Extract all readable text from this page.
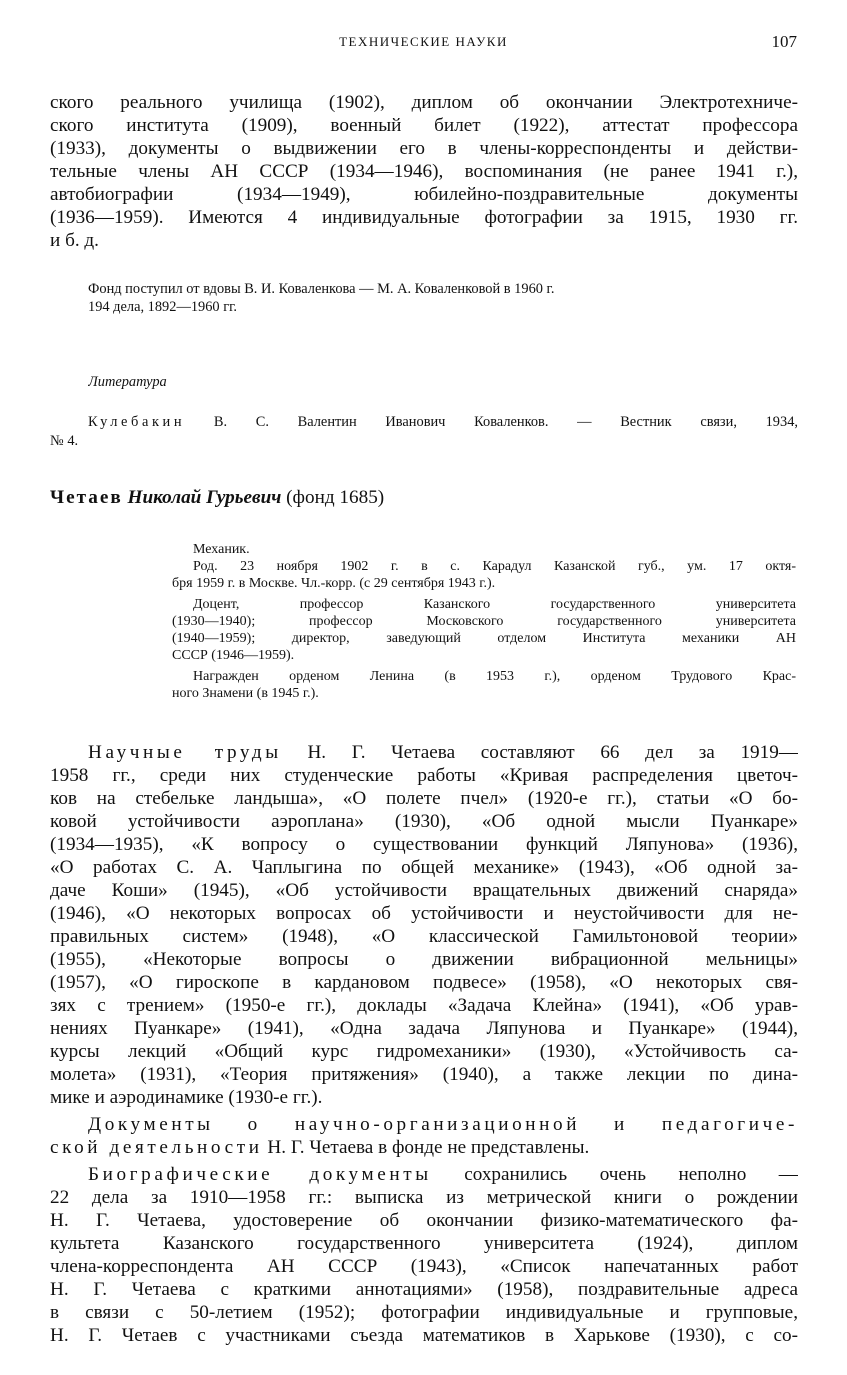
ТЕХНИЧЕСКИЕ НАУКИ	107
ского реального училища (1902), диплом об окончании Электротехниче-
ского института (1909), военный билет (1922), аттестат профессора
(1933), документы о выдвижении его в члены-корреспонденты и действи-
тельные члены АН СССР (1934—1946), воспоминания (не ранее 1941 г.),
автобиографии (1934—1949), юбилейно-поздравительные документы
(1936—1959). Имеются 4 индивидуальные фотографии за 1915, 1930 гг.
и б. д.
Фонд поступил от вдовы В. И. Коваленкова — М. А. Коваленковой в 1960 г.
194 дела, 1892—1960 гг.
Литература
Кулебакин В. С. Валентин Иванович Коваленков. — Вестник связи, 1934,
№ 4.
Четаев Николай Гурьевич (фонд 1685)
Механик.
Род. 23 ноября 1902 г. в с. Карадул Казанской губ., ум. 17 октя-
бря 1959 г. в Москве. Чл.-корр. (с 29 сентября 1943 г.).
Доцент, профессор Казанского государственного университета
(1930—1940); профессор Московского государственного университета
(1940—1959); директор, заведующий отделом Института механики АН
СССР (1946—1959).
Награжден орденом Ленина (в 1953 г.), орденом Трудового Крас-
ного Знамени (в 1945 г.).
Научные труды Н. Г. Четаева составляют 66 дел за 1919—
1958 гг., среди них студенческие работы «Кривая распределения цветоч-
ков на стебельке ландыша», «О полете пчел» (1920-е гг.), статьи «О бо-
ковой устойчивости аэроплана» (1930), «Об одной мысли Пуанкаре»
(1934—1935), «К вопросу о существовании функций Ляпунова» (1936),
«О работах С. А. Чаплыгина по общей механике» (1943), «Об одной за-
даче Коши» (1945), «Об устойчивости вращательных движений снаряда»
(1946), «О некоторых вопросах об устойчивости и неустойчивости для не-
правильных систем» (1948), «О классической Гамильтоновой теории»
(1955), «Некоторые вопросы о движении вибрационной мельницы»
(1957), «О гироскопе в кардановом подвесе» (1958), «О некоторых свя-
зях с трением» (1950-е гг.), доклады «Задача Клейна» (1941), «Об урав-
нениях Пуанкаре» (1941), «Одна задача Ляпунова и Пуанкаре» (1944),
курсы лекций «Общий курс гидромеханики» (1930), «Устойчивость са-
молета» (1931), «Теория притяжения» (1940), а также лекции по дина-
мике и аэродинамике (1930-е гг.).
Документы о научно-организационной и педагогиче-
ской деятельности Н. Г. Четаева в фонде не представлены.
Биографические документы сохранились очень неполно —
22 дела за 1910—1958 гг.: выписка из метрической книги о рождении
Н. Г. Четаева, удостоверение об окончании физико-математического фа-
культета Казанского государственного университета (1924), диплом
члена-корреспондента АН СССР (1943), «Список напечатанных работ
Н. Г. Четаева с краткими аннотациями» (1958), поздравительные адреса
в связи с 50-летием (1952); фотографии индивидуальные и групповые,
Н. Г. Четаев с участниками съезда математиков в Харькове (1930), с со-
